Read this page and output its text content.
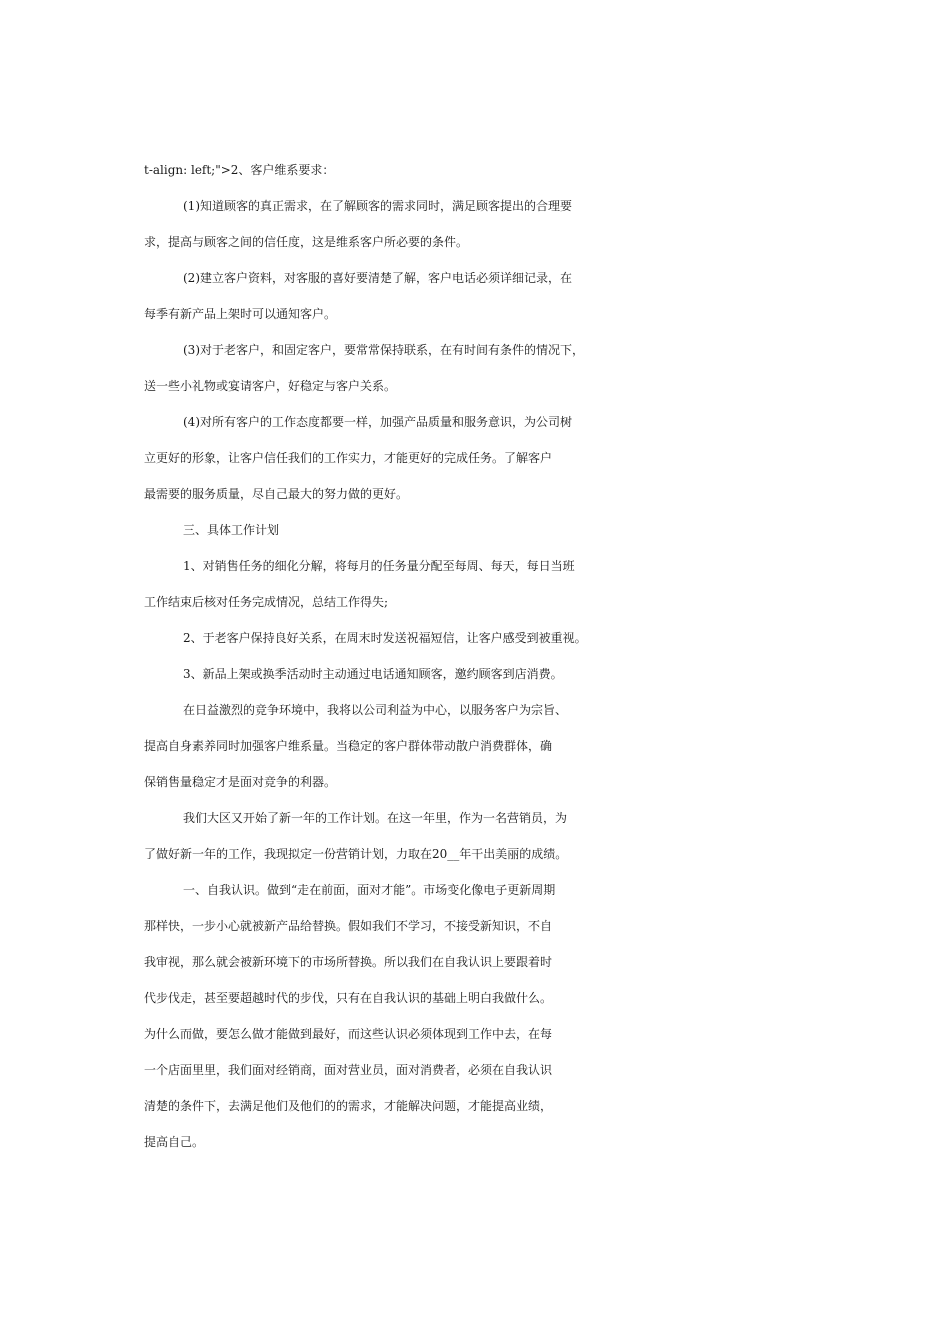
t-align: left;">2、客户维系要求：

(1)知道顾客的真正需求，在了解顾客的需求同时，满足顾客提出的合理要

求，提高与顾客之间的信任度，这是维系客户所必要的条件。

(2)建立客户资料，对客服的喜好要清楚了解，客户电话必须详细记录，在

每季有新产品上架时可以通知客户。

(3)对于老客户，和固定客户，要常常保持联系，在有时间有条件的情况下，

送一些小礼物或宴请客户，好稳定与客户关系。

(4)对所有客户的工作态度都要一样，加强产品质量和服务意识，为公司树

立更好的形象，让客户信任我们的工作实力，才能更好的完成任务。了解客户

最需要的服务质量，尽自己最大的努力做的更好。

三、具体工作计划

1、对销售任务的细化分解，将每月的任务量分配至每周、每天，每日当班

工作结束后核对任务完成情况，总结工作得失;

2、于老客户保持良好关系，在周末时发送祝福短信，让客户感受到被重视。

3、新品上架或换季活动时主动通过电话通知顾客，邀约顾客到店消费。

在日益激烈的竞争环境中，我将以公司利益为中心，以服务客户为宗旨、

提高自身素养同时加强客户维系量。当稳定的客户群体带动散户消费群体，确

保销售量稳定才是面对竞争的利器。

我们大区又开始了新一年的工作计划。在这一年里，作为一名营销员，为

了做好新一年的工作，我现拟定一份营销计划，力取在20__年干出美丽的成绩。

一、自我认识。做到“走在前面，面对才能”。市场变化像电子更新周期

那样快，一步小心就被新产品给替换。假如我们不学习，不接受新知识，不自

我审视，那么就会被新环境下的市场所替换。所以我们在自我认识上要跟着时

代步伐走，甚至要超越时代的步伐，只有在自我认识的基础上明白我做什么。

为什么而做，要怎么做才能做到最好，而这些认识必须体现到工作中去，在每

一个店面里里，我们面对经销商，面对营业员，面对消费者，必须在自我认识

清楚的条件下，去满足他们及他们的的需求，才能解决问题，才能提高业绩，

提高自己。
